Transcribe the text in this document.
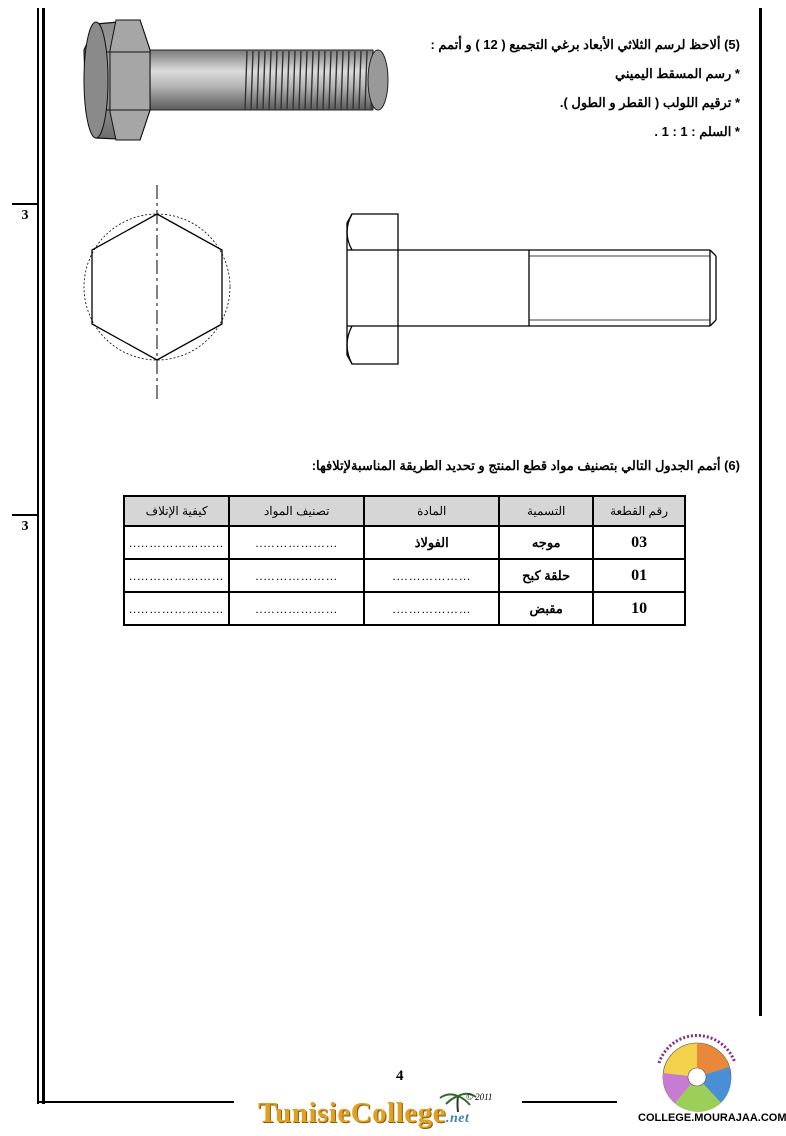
3
3
(5) ألاحظ لرسم الثلاثي الأبعاد برغي التجميع ( 12 ) و أتمم :
* رسم المسقط اليميني
* ترقيم اللولب ( القطر و الطول ).
* السلم : 1 : 1 .
(6) أتمم الجدول التالي بتصنيف مواد قطع المنتج و تحديد الطريقة المناسبةلإتلافها:
رقم القطعة	التسمية	المادة	تصنيف المواد	كيفية الإتلاف
03	موجه	الفولاذ	………………..	…………………..
01	حلقة كبح	……………….	………………..	…………………..
10	مقبض	……………….	………………..	…………………..
4
© 2011
TunisieCollege.net	COLLEGE.MOURAJAA.COM
